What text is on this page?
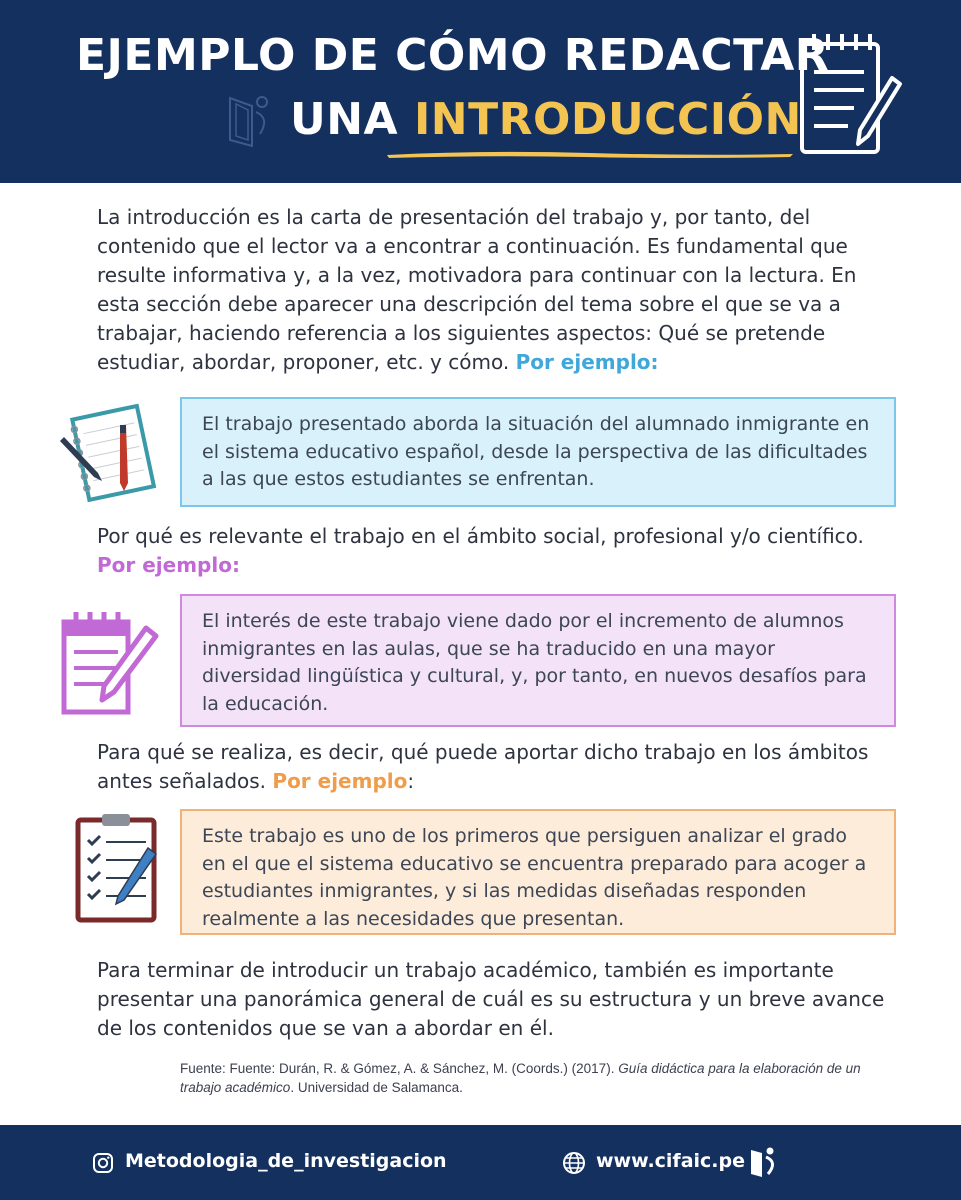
EJEMPLO DE CÓMO REDACTAR
UNA INTRODUCCIÓN
La introducción es la carta de presentación del trabajo y, por tanto, del contenido que el lector va a encontrar a continuación. Es fundamental que resulte informativa y, a la vez, motivadora para continuar con la lectura. En esta sección debe aparecer una descripción del tema sobre el que se va a trabajar, haciendo referencia a los siguientes aspectos: Qué se pretende estudiar, abordar, proponer, etc. y cómo. Por ejemplo:
El trabajo presentado aborda la situación del alumnado inmigrante en el sistema educativo español, desde la perspectiva de las dificultades a las que estos estudiantes se enfrentan.
Por qué es relevante el trabajo en el ámbito social, profesional y/o científico. Por ejemplo:
El interés de este trabajo viene dado por el incremento de alumnos inmigrantes en las aulas, que se ha traducido en una mayor diversidad lingüística y cultural, y, por tanto, en nuevos desafíos para la educación.
Para qué se realiza, es decir, qué puede aportar dicho trabajo en los ámbitos antes señalados. Por ejemplo:
Este trabajo es uno de los primeros que persiguen analizar el grado en el que el sistema educativo se encuentra preparado para acoger a estudiantes inmigrantes, y si las medidas diseñadas responden realmente a las necesidades que presentan.
Para terminar de introducir un trabajo académico, también es importante presentar una panorámica general de cuál es su estructura y un breve avance de los contenidos que se van a abordar en él.
Fuente: Fuente: Durán, R. & Gómez, A. & Sánchez, M. (Coords.) (2017). Guía didáctica para la elaboración de un trabajo académico. Universidad de Salamanca.
Metodologia_de_investigacion	www.cifaic.pe
